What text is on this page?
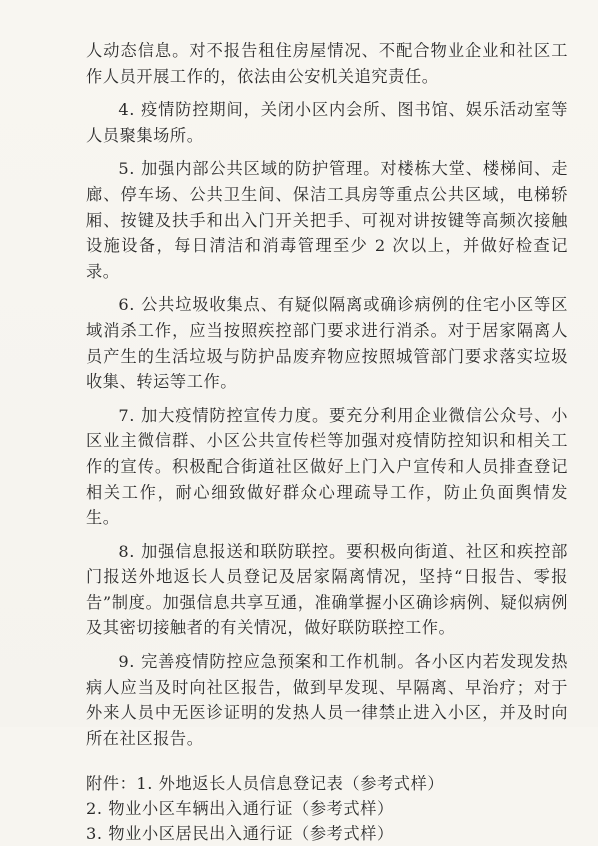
人动态信息。对不报告租住房屋情况、不配合物业企业和社区工作人员开展工作的，依法由公安机关追究责任。

4. 疫情防控期间，关闭小区内会所、图书馆、娱乐活动室等人员聚集场所。

5. 加强内部公共区域的防护管理。对楼栋大堂、楼梯间、走廊、停车场、公共卫生间、保洁工具房等重点公共区域，电梯轿厢、按键及扶手和出入门开关把手、可视对讲按键等高频次接触设施设备，每日清洁和消毒管理至少 2 次以上，并做好检查记录。

6. 公共垃圾收集点、有疑似隔离或确诊病例的住宅小区等区域消杀工作，应当按照疾控部门要求进行消杀。对于居家隔离人员产生的生活垃圾与防护品废弃物应按照城管部门要求落实垃圾收集、转运等工作。

7. 加大疫情防控宣传力度。要充分利用企业微信公众号、小区业主微信群、小区公共宣传栏等加强对疫情防控知识和相关工作的宣传。积极配合街道社区做好上门入户宣传和人员排查登记相关工作，耐心细致做好群众心理疏导工作，防止负面舆情发生。

8. 加强信息报送和联防联控。要积极向街道、社区和疾控部门报送外地返长人员登记及居家隔离情况，坚持“日报告、零报告”制度。加强信息共享互通，准确掌握小区确诊病例、疑似病例及其密切接触者的有关情况，做好联防联控工作。

9. 完善疫情防控应急预案和工作机制。各小区内若发现发热病人应当及时向社区报告，做到早发现、早隔离、早治疗；对于外来人员中无医诊证明的发热人员一律禁止进入小区，并及时向所在社区报告。

附件：1. 外地返长人员信息登记表（参考式样）

2. 物业小区车辆出入通行证（参考式样）

3. 物业小区居民出入通行证（参考式样）
